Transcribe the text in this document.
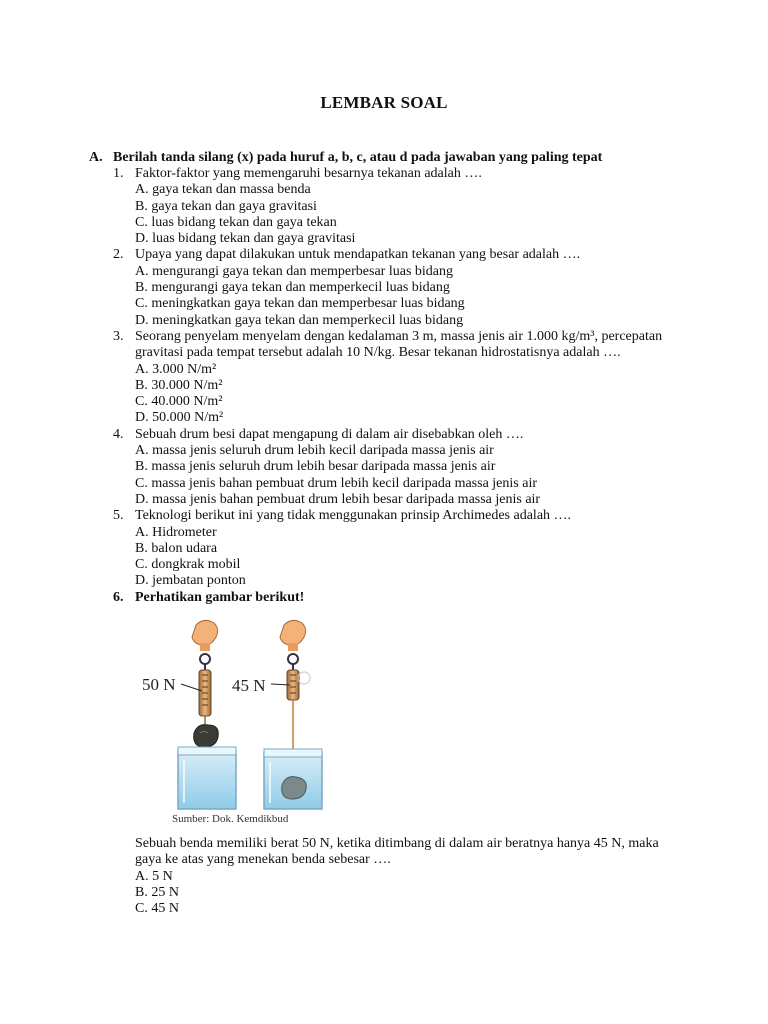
LEMBAR SOAL
A. Berilah tanda silang (x) pada huruf a, b, c, atau d pada jawaban yang paling tepat
1. Faktor-faktor yang memengaruhi besarnya tekanan adalah ….
A. gaya tekan dan massa benda
B. gaya tekan dan gaya gravitasi
C. luas bidang tekan dan gaya tekan
D. luas bidang tekan dan gaya gravitasi
2. Upaya yang dapat dilakukan untuk mendapatkan tekanan yang besar adalah ….
A. mengurangi gaya tekan dan memperbesar luas bidang
B. mengurangi gaya tekan dan memperkecil luas bidang
C. meningkatkan gaya tekan dan memperbesar luas bidang
D. meningkatkan gaya tekan dan memperkecil luas bidang
3. Seorang penyelam menyelam dengan kedalaman 3 m, massa jenis air 1.000 kg/m³, percepatan
gravitasi pada tempat tersebut adalah 10 N/kg. Besar tekanan hidrostatisnya adalah ….
A. 3.000 N/m²
B. 30.000 N/m²
C. 40.000 N/m²
D. 50.000 N/m²
4. Sebuah drum besi dapat mengapung di dalam air disebabkan oleh ….
A. massa jenis seluruh drum lebih kecil daripada massa jenis air
B. massa jenis seluruh drum lebih besar daripada massa jenis air
C. massa jenis bahan pembuat drum lebih kecil daripada massa jenis air
D. massa jenis bahan pembuat drum lebih besar daripada massa jenis air
5. Teknologi berikut ini yang tidak menggunakan prinsip Archimedes adalah ….
A. Hidrometer
B. balon udara
C. dongkrak mobil
D. jembatan ponton
6. Perhatikan gambar berikut!
50 N	45 N
Sumber: Dok. Kemdikbud
Sebuah benda memiliki berat 50 N, ketika ditimbang di dalam air beratnya hanya 45 N, maka
gaya ke atas yang menekan benda sebesar ….
A. 5 N
B. 25 N
C. 45 N
